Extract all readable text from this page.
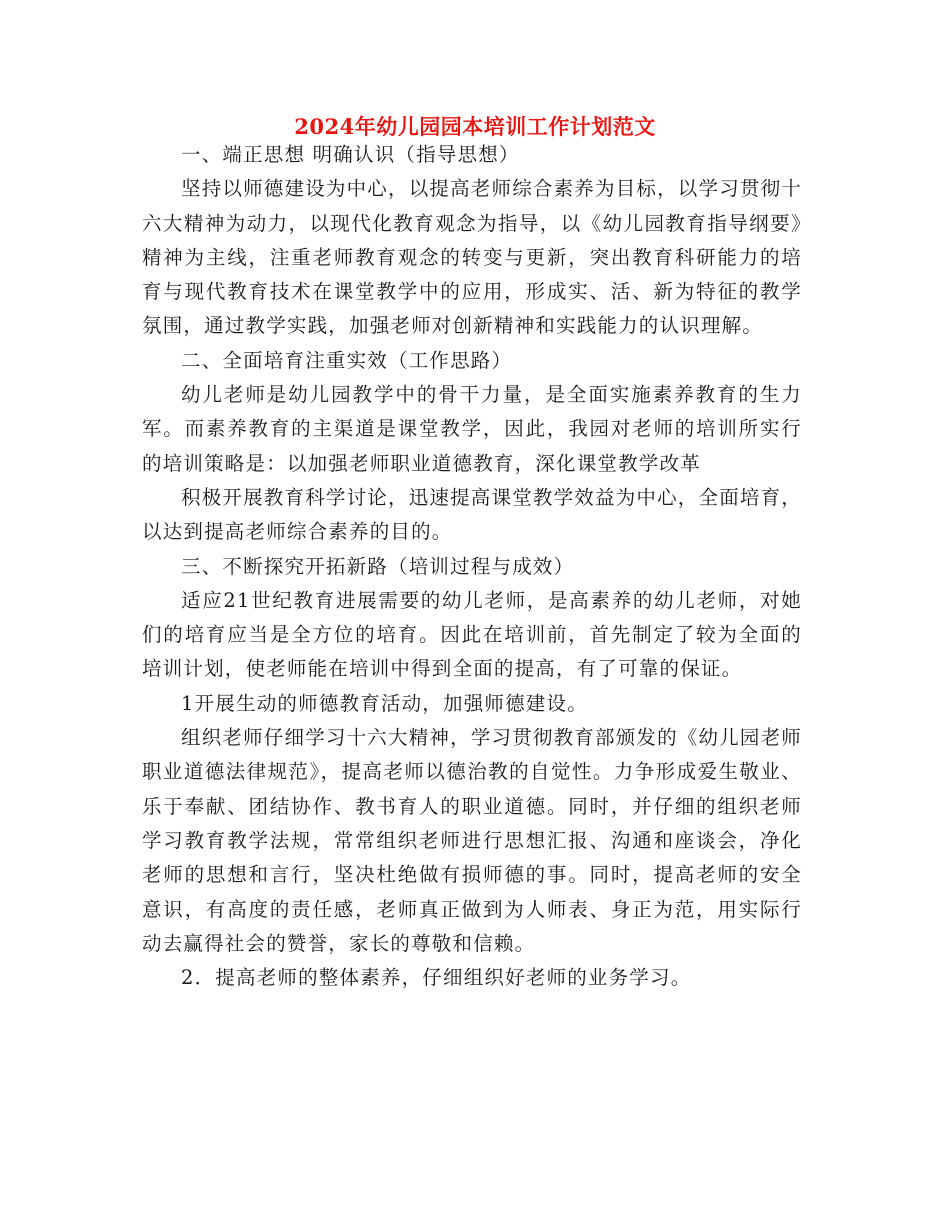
2024年幼儿园园本培训工作计划范文

一、端正思想 明确认识（指导思想）

坚持以师德建设为中心，以提高老师综合素养为目标，以学习贯彻十六大精神为动力，以现代化教育观念为指导，以《幼儿园教育指导纲要》精神为主线，注重老师教育观念的转变与更新，突出教育科研能力的培育与现代教育技术在课堂教学中的应用，形成实、活、新为特征的教学氛围，通过教学实践，加强老师对创新精神和实践能力的认识理解。

二、全面培育注重实效（工作思路）

幼儿老师是幼儿园教学中的骨干力量，是全面实施素养教育的生力军。而素养教育的主渠道是课堂教学，因此，我园对老师的培训所实行的培训策略是：以加强老师职业道德教育，深化课堂教学改革

积极开展教育科学讨论，迅速提高课堂教学效益为中心，全面培育，以达到提高老师综合素养的目的。

三、不断探究开拓新路（培训过程与成效）

适应21世纪教育进展需要的幼儿老师，是高素养的幼儿老师，对她们的培育应当是全方位的培育。因此在培训前，首先制定了较为全面的培训计划，使老师能在培训中得到全面的提高，有了可靠的保证。

1开展生动的师德教育活动，加强师德建设。

组织老师仔细学习十六大精神，学习贯彻教育部颁发的《幼儿园老师职业道德法律规范》，提高老师以德治教的自觉性。力争形成爱生敬业、乐于奉献、团结协作、教书育人的职业道德。同时，并仔细的组织老师学习教育教学法规，常常组织老师进行思想汇报、沟通和座谈会，净化老师的思想和言行，坚决杜绝做有损师德的事。同时，提高老师的安全意识，有高度的责任感，老师真正做到为人师表、身正为范，用实际行动去赢得社会的赞誉，家长的尊敬和信赖。

2．提高老师的整体素养，仔细组织好老师的业务学习。
